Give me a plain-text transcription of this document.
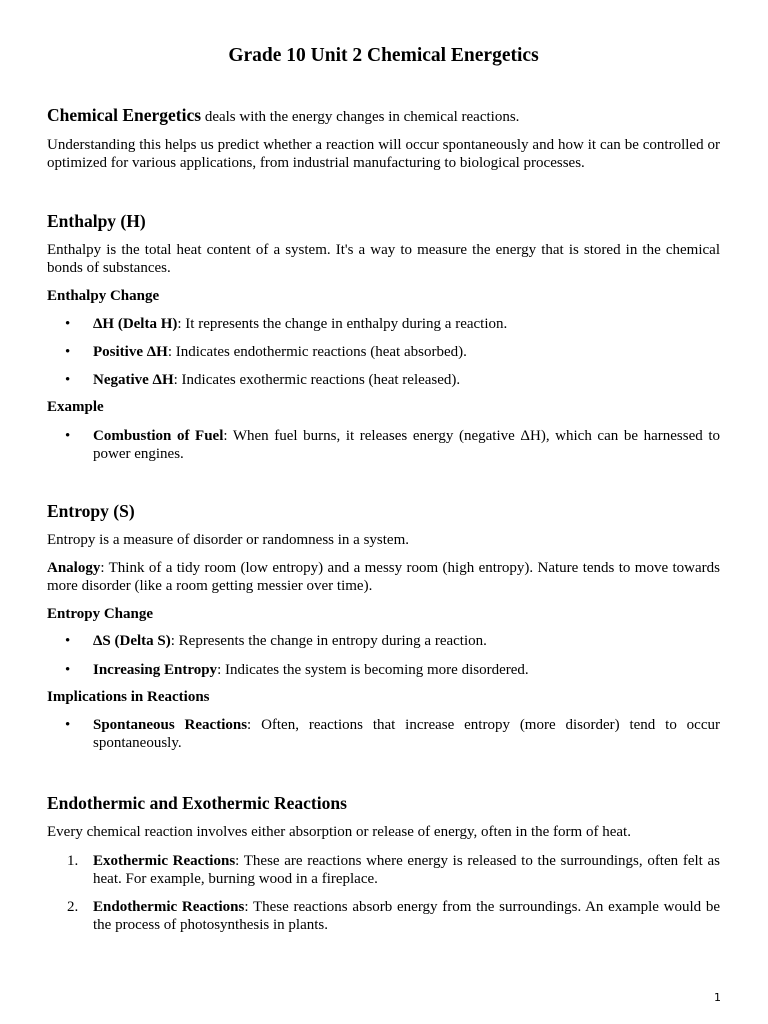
Grade 10 Unit 2 Chemical Energetics

Chemical Energetics deals with the energy changes in chemical reactions.

Understanding this helps us predict whether a reaction will occur spontaneously and how it can be controlled or optimized for various applications, from industrial manufacturing to biological processes.

Enthalpy (H)

Enthalpy is the total heat content of a system. It's a way to measure the energy that is stored in the chemical bonds of substances.

Enthalpy Change
•	ΔH (Delta H): It represents the change in enthalpy during a reaction.
•	Positive ΔH: Indicates endothermic reactions (heat absorbed).
•	Negative ΔH: Indicates exothermic reactions (heat released).
Example
•	Combustion of Fuel: When fuel burns, it releases energy (negative ΔH), which can be harnessed to power engines.
Entropy (S)

Entropy is a measure of disorder or randomness in a system.

Analogy: Think of a tidy room (low entropy) and a messy room (high entropy). Nature tends to move towards more disorder (like a room getting messier over time).

Entropy Change
•	ΔS (Delta S): Represents the change in entropy during a reaction.
•	Increasing Entropy: Indicates the system is becoming more disordered.
Implications in Reactions
•	Spontaneous Reactions: Often, reactions that increase entropy (more disorder) tend to occur spontaneously.
Endothermic and Exothermic Reactions

Every chemical reaction involves either absorption or release of energy, often in the form of heat.

1. Exothermic Reactions: These are reactions where energy is released to the surroundings, often felt as heat. For example, burning wood in a fireplace.
2. Endothermic Reactions: These reactions absorb energy from the surroundings. An example would be the process of photosynthesis in plants.
1
